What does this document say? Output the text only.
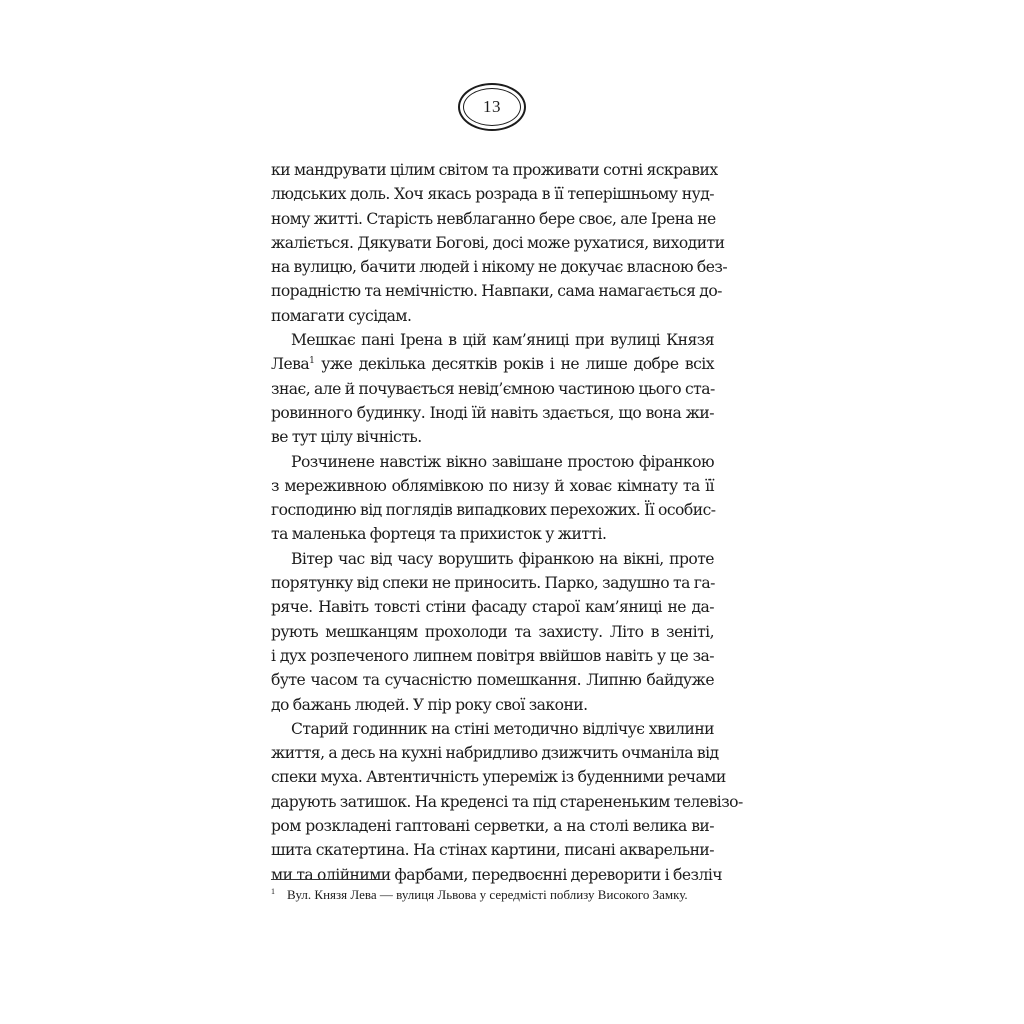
13
ки мандрувати цілим світом та проживати сотні яскравих
людських доль. Хоч якась розрада в її теперішньому нуд-
ному житті. Старість невблаганно бере своє, але Ірена не
жаліється. Дякувати Богові, досі може рухатися, виходити
на вулицю, бачити людей і нікому не докучає власною без-
порадністю та немічністю. Навпаки, сама намагається до-
помагати сусідам.
Мешкає пані Ірена в цій кам’яниці при вулиці Князя
Лева$^1$ уже декілька десятків років і не лише добре всіх
знає, але й почувається невід’ємною частиною цього ста-
ровинного будинку. Іноді їй навіть здається, що вона жи-
ве тут цілу вічність.
Розчинене навстіж вікно завішане простою фіранкою
з мереживною облямівкою по низу й ховає кімнату та її
господиню від поглядів випадкових перехожих. Її особис-
та маленька фортеця та прихисток у житті.
Вітер час від часу ворушить фіранкою на вікні, проте
порятунку від спеки не приносить. Парко, задушно та га-
ряче. Навіть товсті стіни фасаду старої кам’яниці не да-
рують мешканцям прохолоди та захисту. Літо в зеніті,
і дух розпеченого липнем повітря ввійшов навіть у це за-
буте часом та сучасністю помешкання. Липню байдуже
до бажань людей. У пір року свої закони.
Старий годинник на стіні методично відлічує хвилини
життя, а десь на кухні набридливо дзижчить очманіла від
спеки муха. Автентичність упереміж із буденними речами
дарують затишок. На креденсі та під старененьким телевізо-
ром розкладені гаптовані серветки, а на столі велика ви-
шита скатертина. На стінах картини, писані акварельни-
ми та олійними фарбами, передвоєнні дереворити і безліч
1 Вул. Князя Лева — вулиця Львова у середмісті поблизу Високого Замку.
